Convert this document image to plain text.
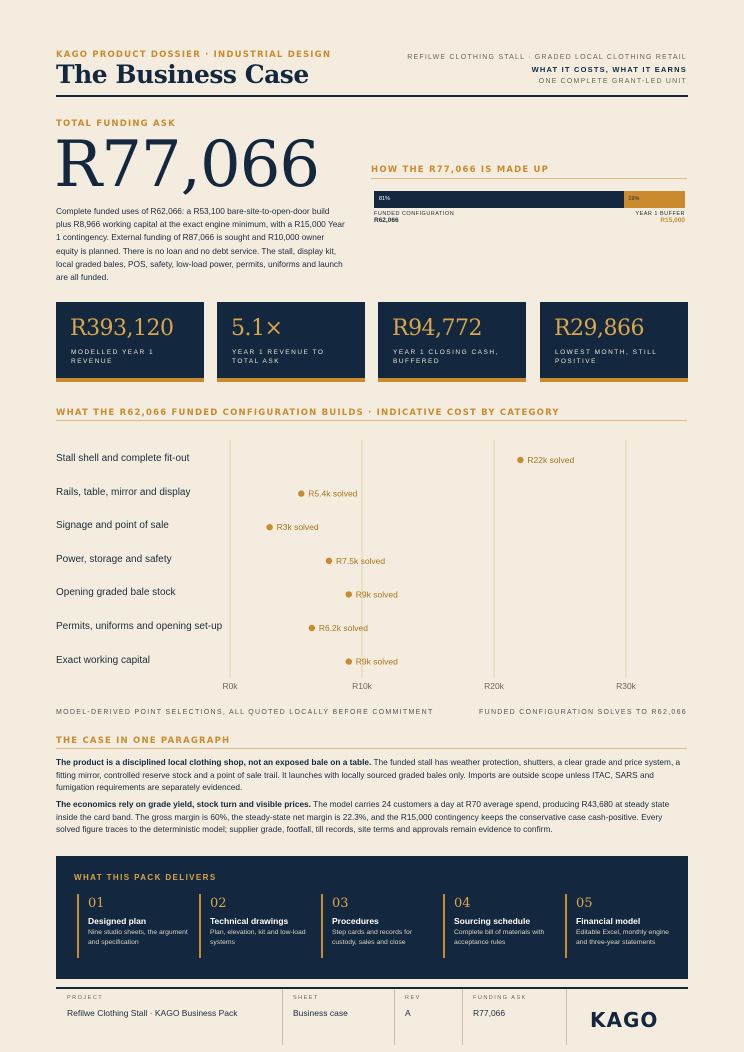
KAGO PRODUCT DOSSIER · INDUSTRIAL DESIGN
The Business Case
REFILWE CLOTHING STALL · GRADED LOCAL CLOTHING RETAIL
WHAT IT COSTS, WHAT IT EARNS
ONE COMPLETE GRANT-LED UNIT
TOTAL FUNDING ASK
R77,066
Complete funded uses of R62,066: a R53,100 bare-site-to-open-door build plus R8,966 working capital at the exact engine minimum, with a R15,000 Year 1 contingency. External funding of R87,066 is sought and R10,000 owner equity is planned. There is no loan and no debt service. The stall, display kit, local graded bales, POS, safety, low-load power, permits, uniforms and launch are all funded.
HOW THE R77,066 IS MADE UP
81%	19%
FUNDED CONFIGURATION
R62,066
YEAR 1 BUFFER
R15,000
R393,120
MODELLED YEAR 1 REVENUE
5.1×
YEAR 1 REVENUE TO TOTAL ASK
R94,772
YEAR 1 CLOSING CASH, BUFFERED
R29,866
LOWEST MONTH, STILL POSITIVE
WHAT THE R62,066 FUNDED CONFIGURATION BUILDS · INDICATIVE COST BY CATEGORY
Stall shell and complete fit-out
Rails, table, mirror and display
Signage and point of sale
Power, storage and safety
Opening graded bale stock
Permits, uniforms and opening set-up
Exact working capital
R0k	R10k	R20k	R30k
R22k solved
R5.4k solved
R3k solved
R7.5k solved
R9k solved
R6.2k solved
R9k solved
MODEL-DERIVED POINT SELECTIONS, ALL QUOTED LOCALLY BEFORE COMMITMENT	FUNDED CONFIGURATION SOLVES TO R62,066
THE CASE IN ONE PARAGRAPH
The product is a disciplined local clothing shop, not an exposed bale on a table. The funded stall has weather protection, shutters, a clear grade and price system, a fitting mirror, controlled reserve stock and a point of sale trail. It launches with locally sourced graded bales only. Imports are outside scope unless ITAC, SARS and fumigation requirements are separately evidenced.
The economics rely on grade yield, stock turn and visible prices. The model carries 24 customers a day at R70 average spend, producing R43,680 at steady state inside the card band. The gross margin is 60%, the steady-state net margin is 22.3%, and the R15,000 contingency keeps the conservative case cash-positive. Every solved figure traces to the deterministic model; supplier grade, footfall, till records, site terms and approvals remain evidence to confirm.
WHAT THIS PACK DELIVERS
01
Designed plan
Nine studio sheets, the argument and specification
02
Technical drawings
Plan, elevation, kit and low-load systems
03
Procedures
Step cards and records for custody, sales and close
04
Sourcing schedule
Complete bill of materials with acceptance rules
05
Financial model
Editable Excel, monthly engine and three-year statements
PROJECT
Refilwe Clothing Stall · KAGO Business Pack
SHEET
Business case
REV
A
FUNDING ASK
R77,066	KAGO
